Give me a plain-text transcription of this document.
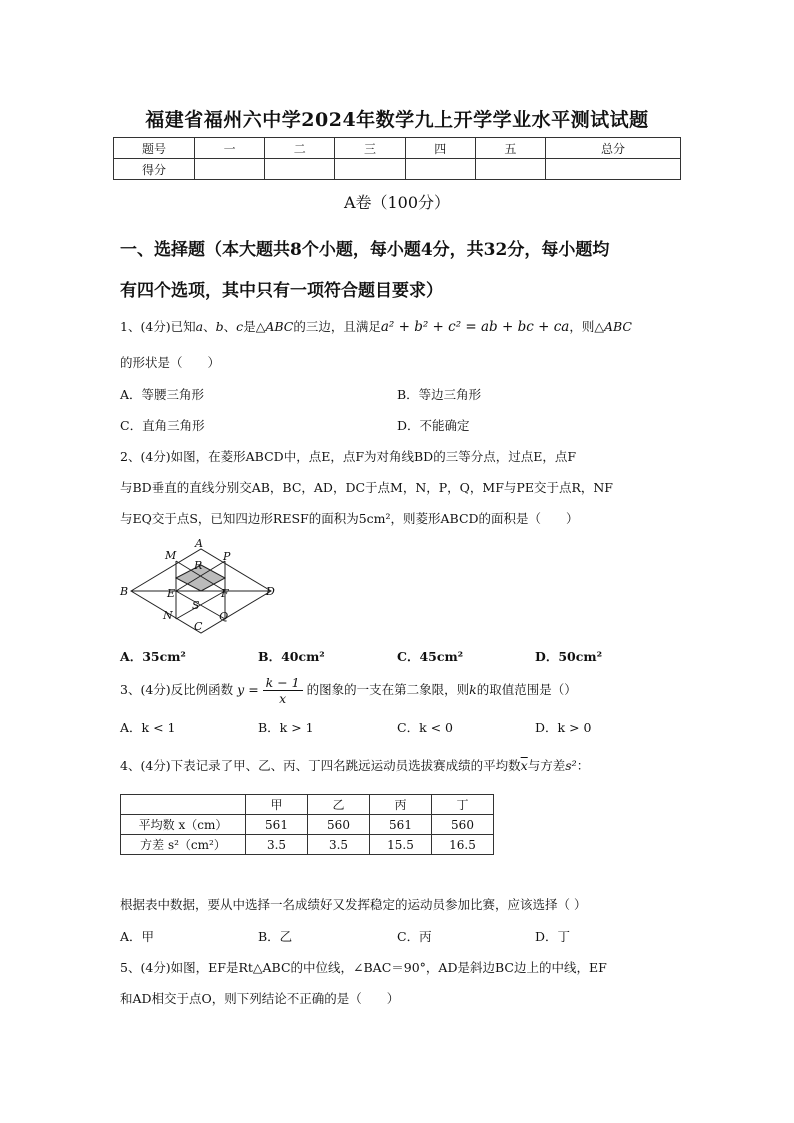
福建省福州六中学2024年数学九上开学学业水平测试试题
题号	一	二	三	四	五	总分
得分						
A卷（100分）
一、选择题（本大题共8个小题，每小题4分，共32分，每小题均
有四个选项，其中只有一项符合题目要求）
1、(4分)已知a、b、c是△ABC的三边，且满足a² + b² + c² = ab + bc + ca，则△ABC
的形状是（　　）
A．等腰三角形	B．等边三角形
C．直角三角形	D．不能确定
2、(4分)如图，在菱形ABCD中，点E，点F为对角线BD的三等分点，过点E，点F
与BD垂直的直线分别交AB，BC，AD，DC于点M，N，P，Q，MF与PE交于点R，NF
与EQ交于点S，已知四边形RESF的面积为5cm²，则菱形ABCD的面积是（　　）
A
B
C
D
M
N
P
Q
R
E	F
S
A．35cm²	B．40cm²	C．45cm²	D．50cm²
3、(4分)反比例函数 $y = \frac{k - 1}{x}$ 的图象的一支在第二象限，则k的取值范围是（）
A．k < 1	B．k > 1	C．k < 0	D．k > 0
4、(4分)下表记录了甲、乙、丙、丁四名跳远运动员选拔赛成绩的平均数$\overline{x}$与方差s²：
	甲	乙	丙	丁
平均数 x（cm）	561	560	561	560
方差 s²（cm²）	3.5	3.5	15.5	16.5
根据表中数据，要从中选择一名成绩好又发挥稳定的运动员参加比赛，应该选择（ ）
A．甲	B．乙	C．丙	D．丁
5、(4分)如图，EF是Rt△ABC的中位线，∠BAC＝90°，AD是斜边BC边上的中线，EF
和AD相交于点O，则下列结论不正确的是（　　）
